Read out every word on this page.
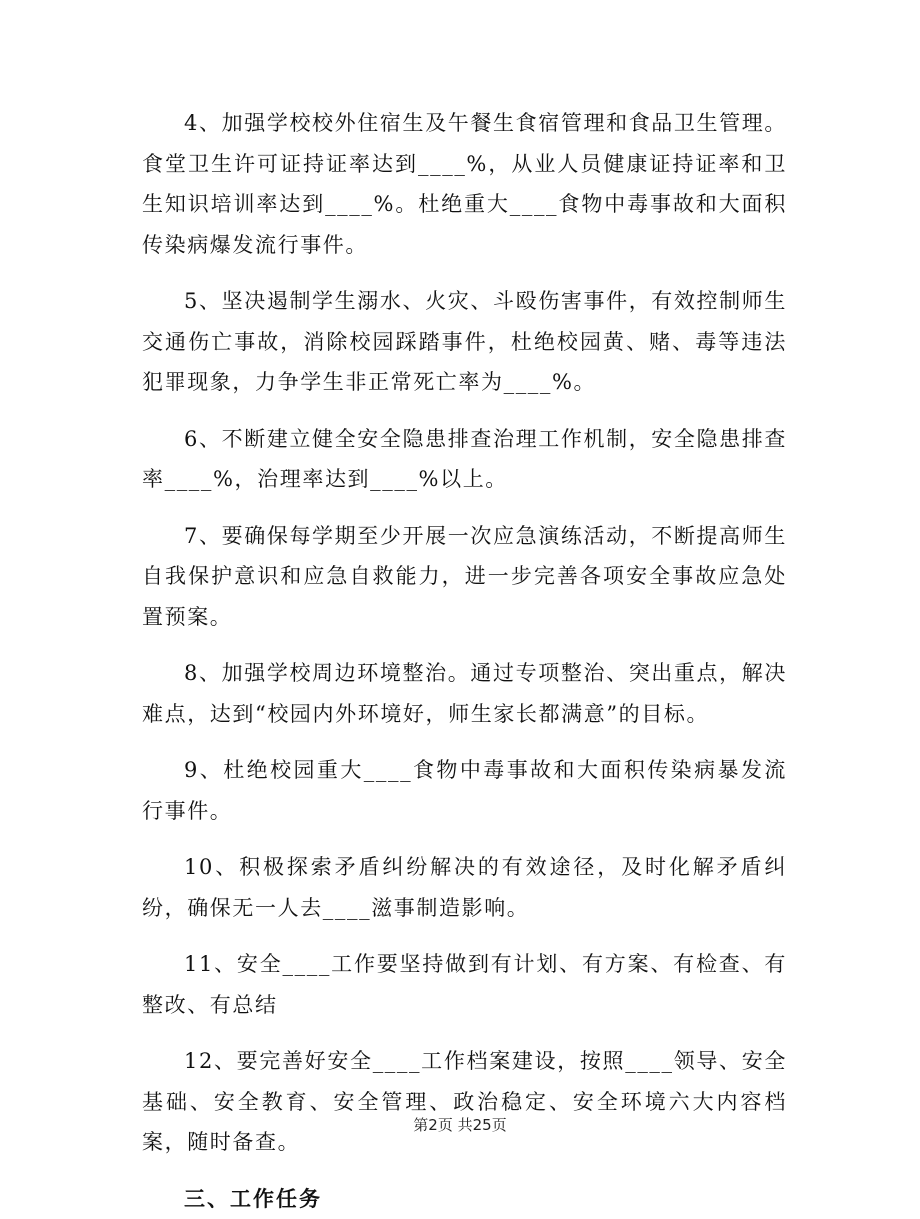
4、加强学校校外住宿生及午餐生食宿管理和食品卫生管理。食堂卫生许可证持证率达到____%，从业人员健康证持证率和卫生知识培训率达到____%。杜绝重大____食物中毒事故和大面积传染病爆发流行事件。

5、坚决遏制学生溺水、火灾、斗殴伤害事件，有效控制师生交通伤亡事故，消除校园踩踏事件，杜绝校园黄、赌、毒等违法犯罪现象，力争学生非正常死亡率为____%。

6、不断建立健全安全隐患排查治理工作机制，安全隐患排查率____%，治理率达到____%以上。

7、要确保每学期至少开展一次应急演练活动，不断提高师生自我保护意识和应急自救能力，进一步完善各项安全事故应急处置预案。

8、加强学校周边环境整治。通过专项整治、突出重点，解决难点，达到“校园内外环境好，师生家长都满意”的目标。

9、杜绝校园重大____食物中毒事故和大面积传染病暴发流行事件。

10、积极探索矛盾纠纷解决的有效途径，及时化解矛盾纠纷，确保无一人去____滋事制造影响。

11、安全____工作要坚持做到有计划、有方案、有检查、有整改、有总结

12、要完善好安全____工作档案建设，按照____领导、安全基础、安全教育、安全管理、政治稳定、安全环境六大内容档案，随时备查。

三、工作任务
第2页 共25页
